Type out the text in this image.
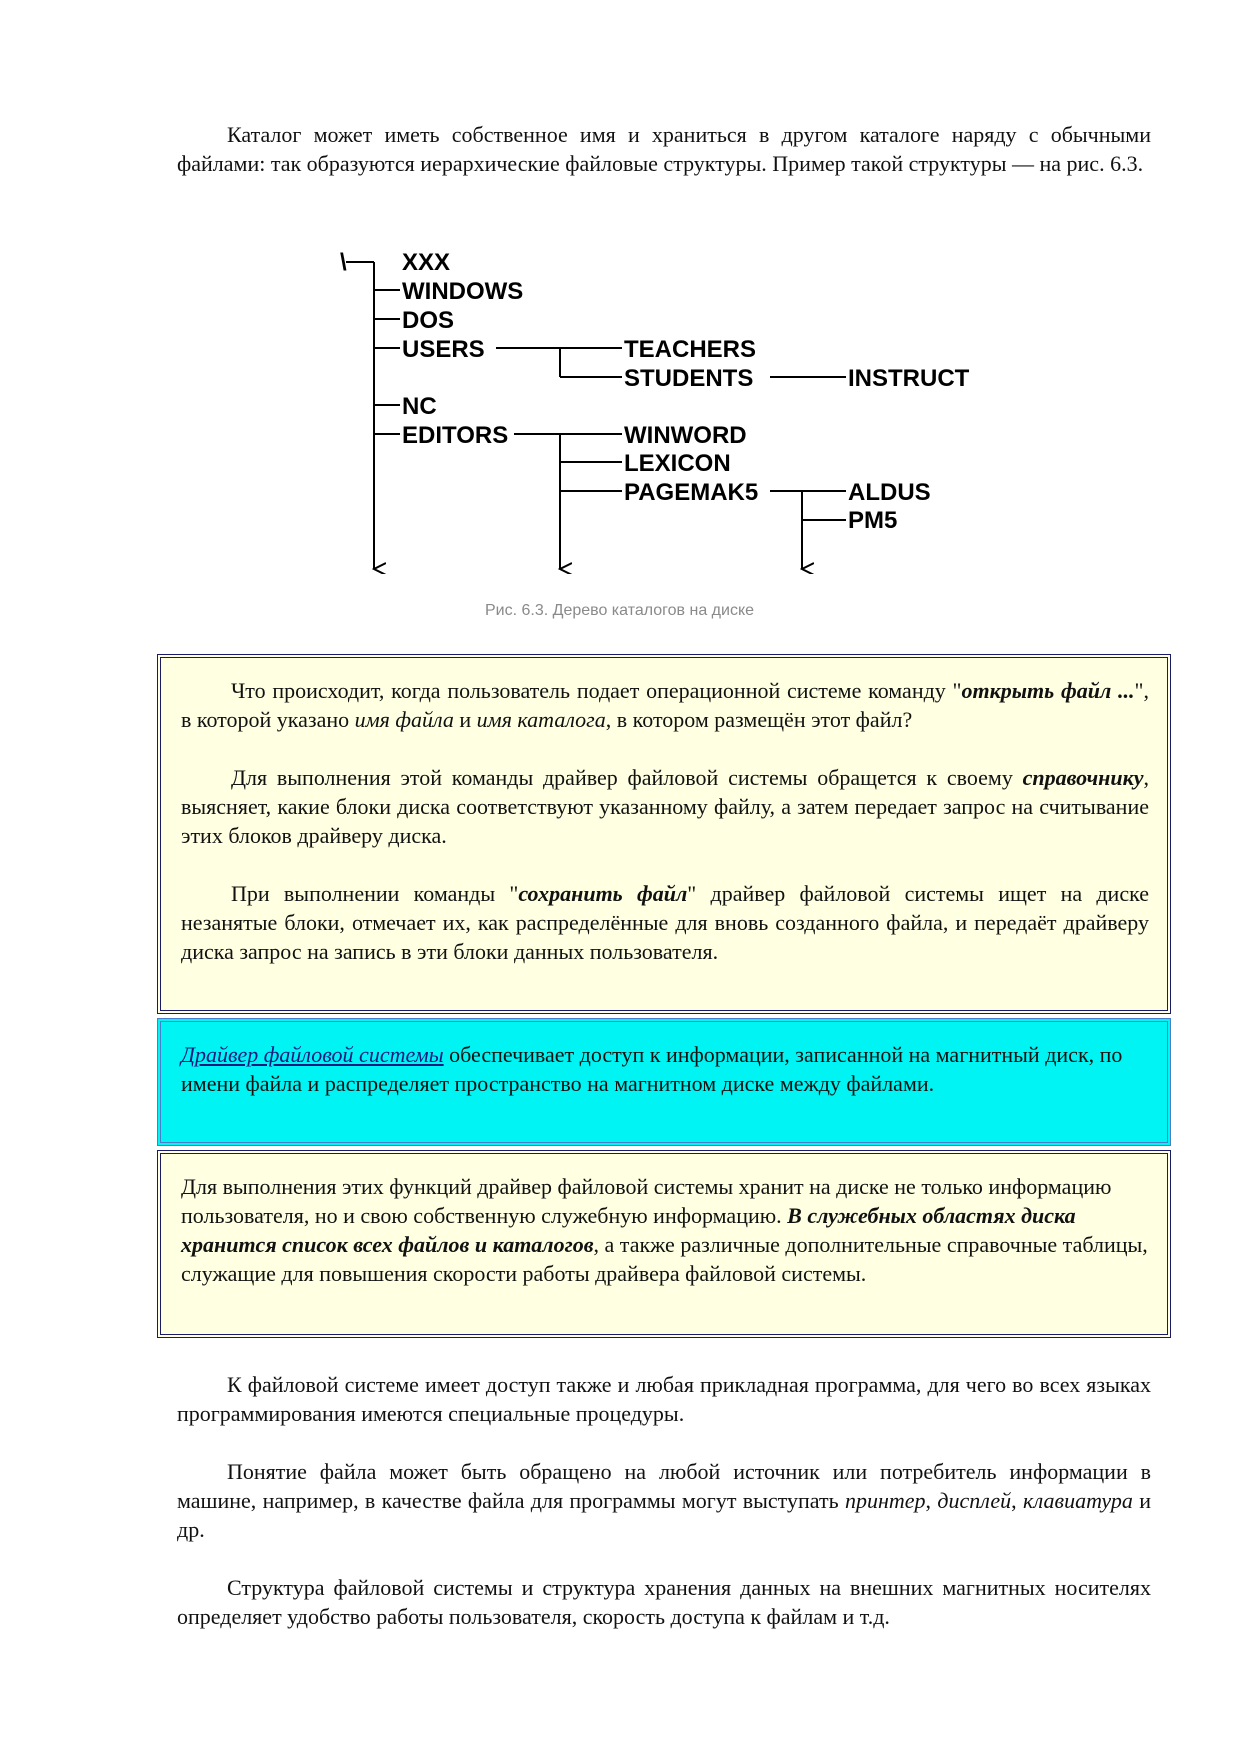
Каталог может иметь собственное имя и храниться в другом каталоге наряду с обычными файлами: так образуются иерархические файловые структуры. Пример такой структуры — на рис. 6.3.
\ XXX
WINDOWS
DOS
USERS
NC
EDITORS
TEACHERS
STUDENTS	INSTRUCT
WINWORD
LEXICON
PAGEMAK5	ALDUS
PM5
Рис. 6.3. Дерево каталогов на диске
Что происходит, когда пользователь подает операционной системе команду "открыть файл ...", в которой указано имя файла и имя каталога, в котором размещён этот файл?
Для выполнения этой команды драйвер файловой системы обращется к своему справочнику, выясняет, какие блоки диска соответствуют указанному файлу, а затем передает запрос на считывание этих блоков драйверу диска.
При выполнении команды "сохранить файл" драйвер файловой системы ищет на диске незанятые блоки, отмечает их, как распределённые для вновь созданного файла, и передаёт драйверу диска запрос на запись в эти блоки данных пользователя.
Драйвер файловой системы обеспечивает доступ к информации, записанной на магнитный диск, по имени файла и распределяет пространство на магнитном диске между файлами.
Для выполнения этих функций драйвер файловой системы хранит на диске не только информацию пользователя, но и свою собственную служебную информацию. В служебных областях диска хранится список всех файлов и каталогов, а также различные дополнительные справочные таблицы, служащие для повышения скорости работы драйвера файловой системы.
К файловой системе имеет доступ также и любая прикладная программа, для чего во всех языках программирования имеются специальные процедуры.
Понятие файла может быть обращено на любой источник или потребитель информации в машине, например, в качестве файла для программы могут выступать принтер, дисплей, клавиатура и др.
Структура файловой системы и структура хранения данных на внешних магнитных носителях определяет удобство работы пользователя, скорость доступа к файлам и т.д.
